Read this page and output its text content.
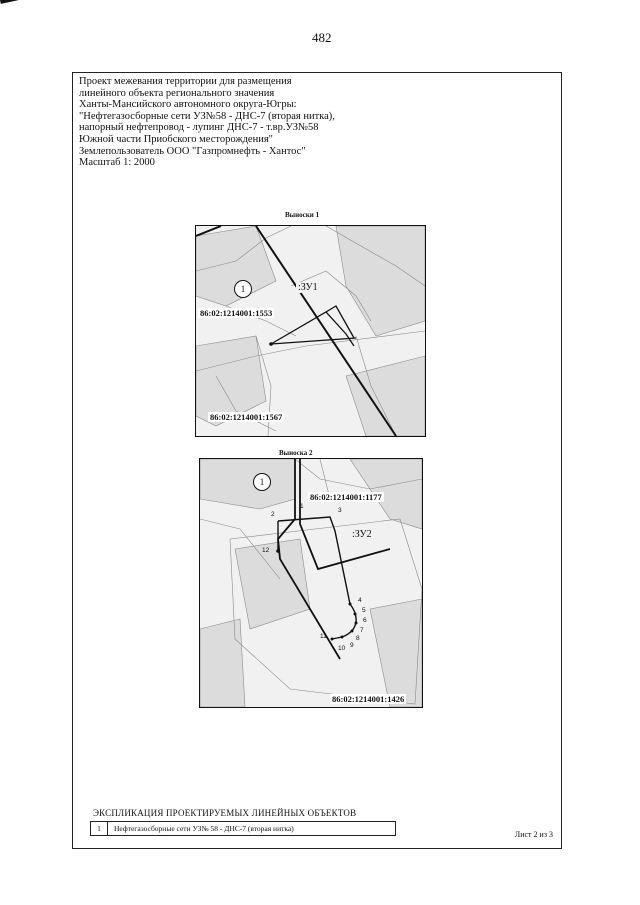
482
Проект межевания территории для размещения
линейного объекта регионального значения
Ханты-Мансийского автономного округа-Югры:
"Нефтегазосборные сети УЗ№58 - ДНС-7 (вторая нитка),
напорный нефтепровод - лупинг ДНС-7 - т.вр.УЗ№58
Южной части Приобского месторождения"
Землепользователь ООО "Газпромнефть - Хантос"
Масштаб 1: 2000
Выноски 1
1	:ЗУ1
86:02:1214001:1553
86:02:1214001:1567
Выноска 2
1
86:02:1214001:1177
:ЗУ2
86:02:1214001:1426
2
3
4
5
6
7
8
9
10
11
12
1
ЭКСПЛИКАЦИЯ ПРОЕКТИРУЕМЫХ ЛИНЕЙНЫХ ОБЪЕКТОВ
1	Нефтегазосборные сети УЗ№ 58 - ДНС-7 (вторая нитка)
Лист 2 из 3
